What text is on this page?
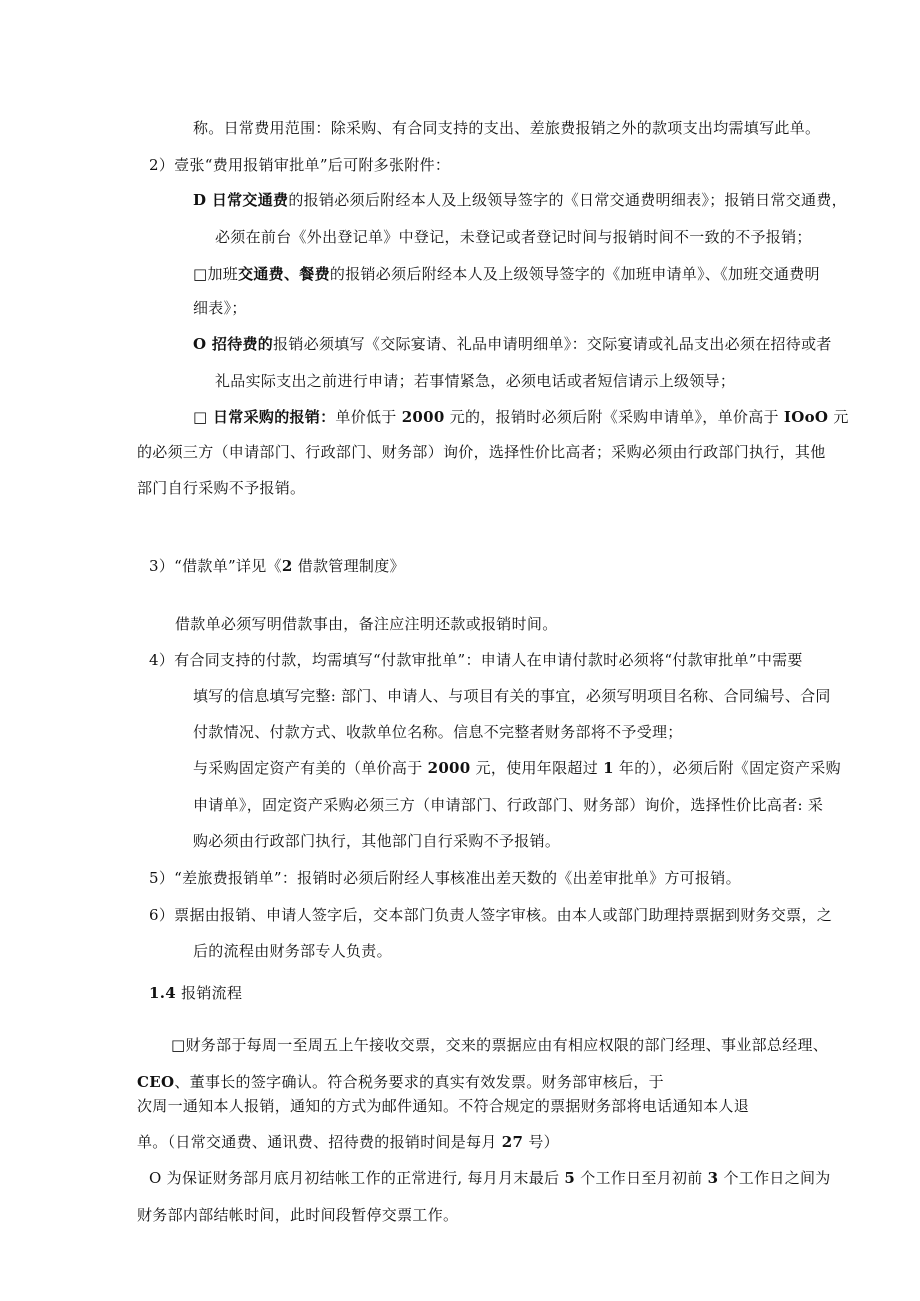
称。日常费用范围：除采购、有合同支持的支出、差旅费报销之外的款项支出均需填写此单。
2）壹张“费用报销审批单”后可附多张附件：
D 日常交通费的报销必须后附经本人及上级领导签字的《日常交通费明细表》；报销日常交通费，
必须在前台《外出登记单》中登记，未登记或者登记时间与报销时间不一致的不予报销；
□加班交通费、餐费的报销必须后附经本人及上级领导签字的《加班申请单》、《加班交通费明
细表》；
O 招待费的报销必须填写《交际宴请、礼品申请明细单》：交际宴请或礼品支出必须在招待或者
礼品实际支出之前进行申请；若事情紧急，必须电话或者短信请示上级领导；
□ 日常采购的报销：单价低于 2000 元的，报销时必须后附《采购申请单》，单价高于 IOoO 元
的必须三方（申请部门、行政部门、财务部）询价，选择性价比高者；采购必须由行政部门执行，其他
部门自行采购不予报销。
3）“借款单”详见《2 借款管理制度》
借款单必须写明借款事由，备注应注明还款或报销时间。
4）有合同支持的付款，均需填写“付款审批单”：申请人在申请付款时必须将“付款审批单”中需要
填写的信息填写完整: 部门、申请人、与项目有关的事宜，必须写明项目名称、合同编号、合同
付款情况、付款方式、收款单位名称。信息不完整者财务部将不予受理；
与采购固定资产有美的（单价高于 2000 元，使用年限超过 1 年的），必须后附《固定资产采购
申请单》，固定资产采购必须三方（申请部门、行政部门、财务部）询价，选择性价比高者: 采
购必须由行政部门执行，其他部门自行采购不予报销。
5）“差旅费报销单”：报销时必须后附经人事核准出差天数的《出差审批单》方可报销。
6）票据由报销、申请人签字后，交本部门负责人签字审核。由本人或部门助理持票据到财务交票，之
后的流程由财务部专人负责。
1.4 报销流程
□财务部于每周一至周五上午接收交票，交来的票据应由有相应权限的部门经理、事业部总经理、
CEO、董事长的签字确认。符合税务要求的真实有效发票。财务部审核后，于
次周一通知本人报销，通知的方式为邮件通知。不符合规定的票据财务部将电话通知本人退
单。（日常交通费、通讯费、招待费的报销时间是每月 27 号）
O 为保证财务部月底月初结帐工作的正常进行, 每月月末最后 5 个工作日至月初前 3 个工作日之间为
财务部内部结帐时间，此时间段暂停交票工作。
